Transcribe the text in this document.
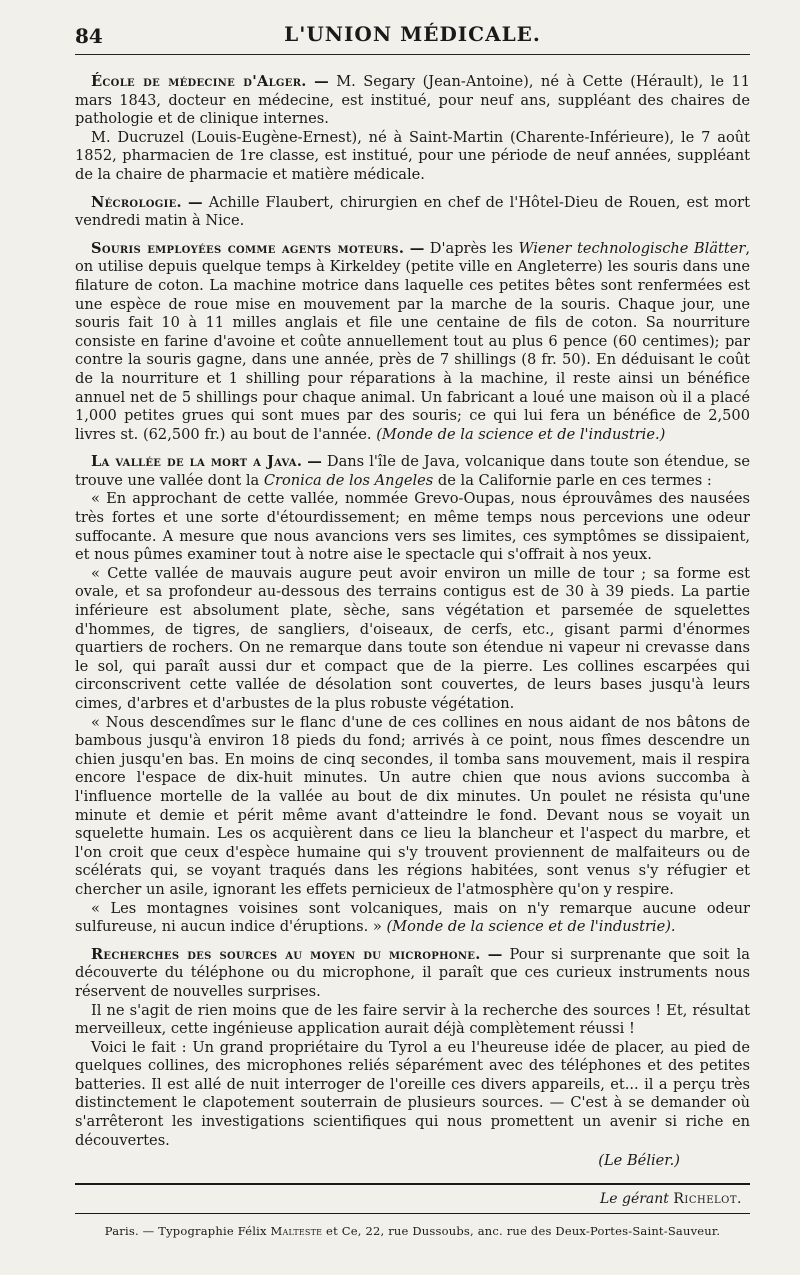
84	L'UNION MÉDICALE.

École de médecine d'Alger. — M. Segary (Jean-Antoine), né à Cette (Hérault), le 11 mars 1843, docteur en médecine, est institué, pour neuf ans, suppléant des chaires de pathologie et de clinique internes.

M. Ducruzel (Louis-Eugène-Ernest), né à Saint-Martin (Charente-Inférieure), le 7 août 1852, pharmacien de 1re classe, est institué, pour une période de neuf années, suppléant de la chaire de pharmacie et matière médicale.

Nécrologie. — Achille Flaubert, chirurgien en chef de l'Hôtel-Dieu de Rouen, est mort vendredi matin à Nice.

Souris employées comme agents moteurs. — D'après les Wiener technologische Blätter, on utilise depuis quelque temps à Kirkeldey (petite ville en Angleterre) les souris dans une filature de coton. La machine motrice dans laquelle ces petites bêtes sont renfermées est une espèce de roue mise en mouvement par la marche de la souris. Chaque jour, une souris fait 10 à 11 milles anglais et file une centaine de fils de coton. Sa nourriture consiste en farine d'avoine et coûte annuellement tout au plus 6 pence (60 centimes); par contre la souris gagne, dans une année, près de 7 shillings (8 fr. 50). En déduisant le coût de la nourriture et 1 shilling pour réparations à la machine, il reste ainsi un bénéfice annuel net de 5 shillings pour chaque animal. Un fabricant a loué une maison où il a placé 1,000 petites grues qui sont mues par des souris; ce qui lui fera un bénéfice de 2,500 livres st. (62,500 fr.) au bout de l'année. (Monde de la science et de l'industrie.)

La vallée de la mort a Java. — Dans l'île de Java, volcanique dans toute son étendue, se trouve une vallée dont la Cronica de los Angeles de la Californie parle en ces termes :

« En approchant de cette vallée, nommée Grevo-Oupas, nous éprouvâmes des nausées très fortes et une sorte d'étourdissement; en même temps nous percevions une odeur suffocante. A mesure que nous avancions vers ses limites, ces symptômes se dissipaient, et nous pûmes examiner tout à notre aise le spectacle qui s'offrait à nos yeux.

« Cette vallée de mauvais augure peut avoir environ un mille de tour ; sa forme est ovale, et sa profondeur au-dessous des terrains contigus est de 30 à 39 pieds. La partie inférieure est absolument plate, sèche, sans végétation et parsemée de squelettes d'hommes, de tigres, de sangliers, d'oiseaux, de cerfs, etc., gisant parmi d'énormes quartiers de rochers. On ne remarque dans toute son étendue ni vapeur ni crevasse dans le sol, qui paraît aussi dur et compact que de la pierre. Les collines escarpées qui circonscrivent cette vallée de désolation sont couvertes, de leurs bases jusqu'à leurs cimes, d'arbres et d'arbustes de la plus robuste végétation.

« Nous descendîmes sur le flanc d'une de ces collines en nous aidant de nos bâtons de bambous jusqu'à environ 18 pieds du fond; arrivés à ce point, nous fîmes descendre un chien jusqu'en bas. En moins de cinq secondes, il tomba sans mouvement, mais il respira encore l'espace de dix-huit minutes. Un autre chien que nous avions succomba à l'influence mortelle de la vallée au bout de dix minutes. Un poulet ne résista qu'une minute et demie et périt même avant d'atteindre le fond. Devant nous se voyait un squelette humain. Les os acquièrent dans ce lieu la blancheur et l'aspect du marbre, et l'on croit que ceux d'espèce humaine qui s'y trouvent proviennent de malfaiteurs ou de scélérats qui, se voyant traqués dans les régions habitées, sont venus s'y réfugier et chercher un asile, ignorant les effets pernicieux de l'atmosphère qu'on y respire.

« Les montagnes voisines sont volcaniques, mais on n'y remarque aucune odeur sulfureuse, ni aucun indice d'éruptions. » (Monde de la science et de l'industrie).

Recherches des sources au moyen du microphone. — Pour si surprenante que soit la découverte du téléphone ou du microphone, il paraît que ces curieux instruments nous réservent de nouvelles surprises.

Il ne s'agit de rien moins que de les faire servir à la recherche des sources ! Et, résultat merveilleux, cette ingénieuse application aurait déjà complètement réussi !

Voici le fait : Un grand propriétaire du Tyrol a eu l'heureuse idée de placer, au pied de quelques collines, des microphones reliés séparément avec des téléphones et des petites batteries. Il est allé de nuit interroger de l'oreille ces divers appareils, et... il a perçu très distinctement le clapotement souterrain de plusieurs sources. — C'est à se demander où s'arrêteront les investigations scientifiques qui nous promettent un avenir si riche en découvertes.

(Le Bélier.)

Le gérant Richelot.
Paris. — Typographie Félix Malteste et Ce, 22, rue Dussoubs, anc. rue des Deux-Portes-Saint-Sauveur.
